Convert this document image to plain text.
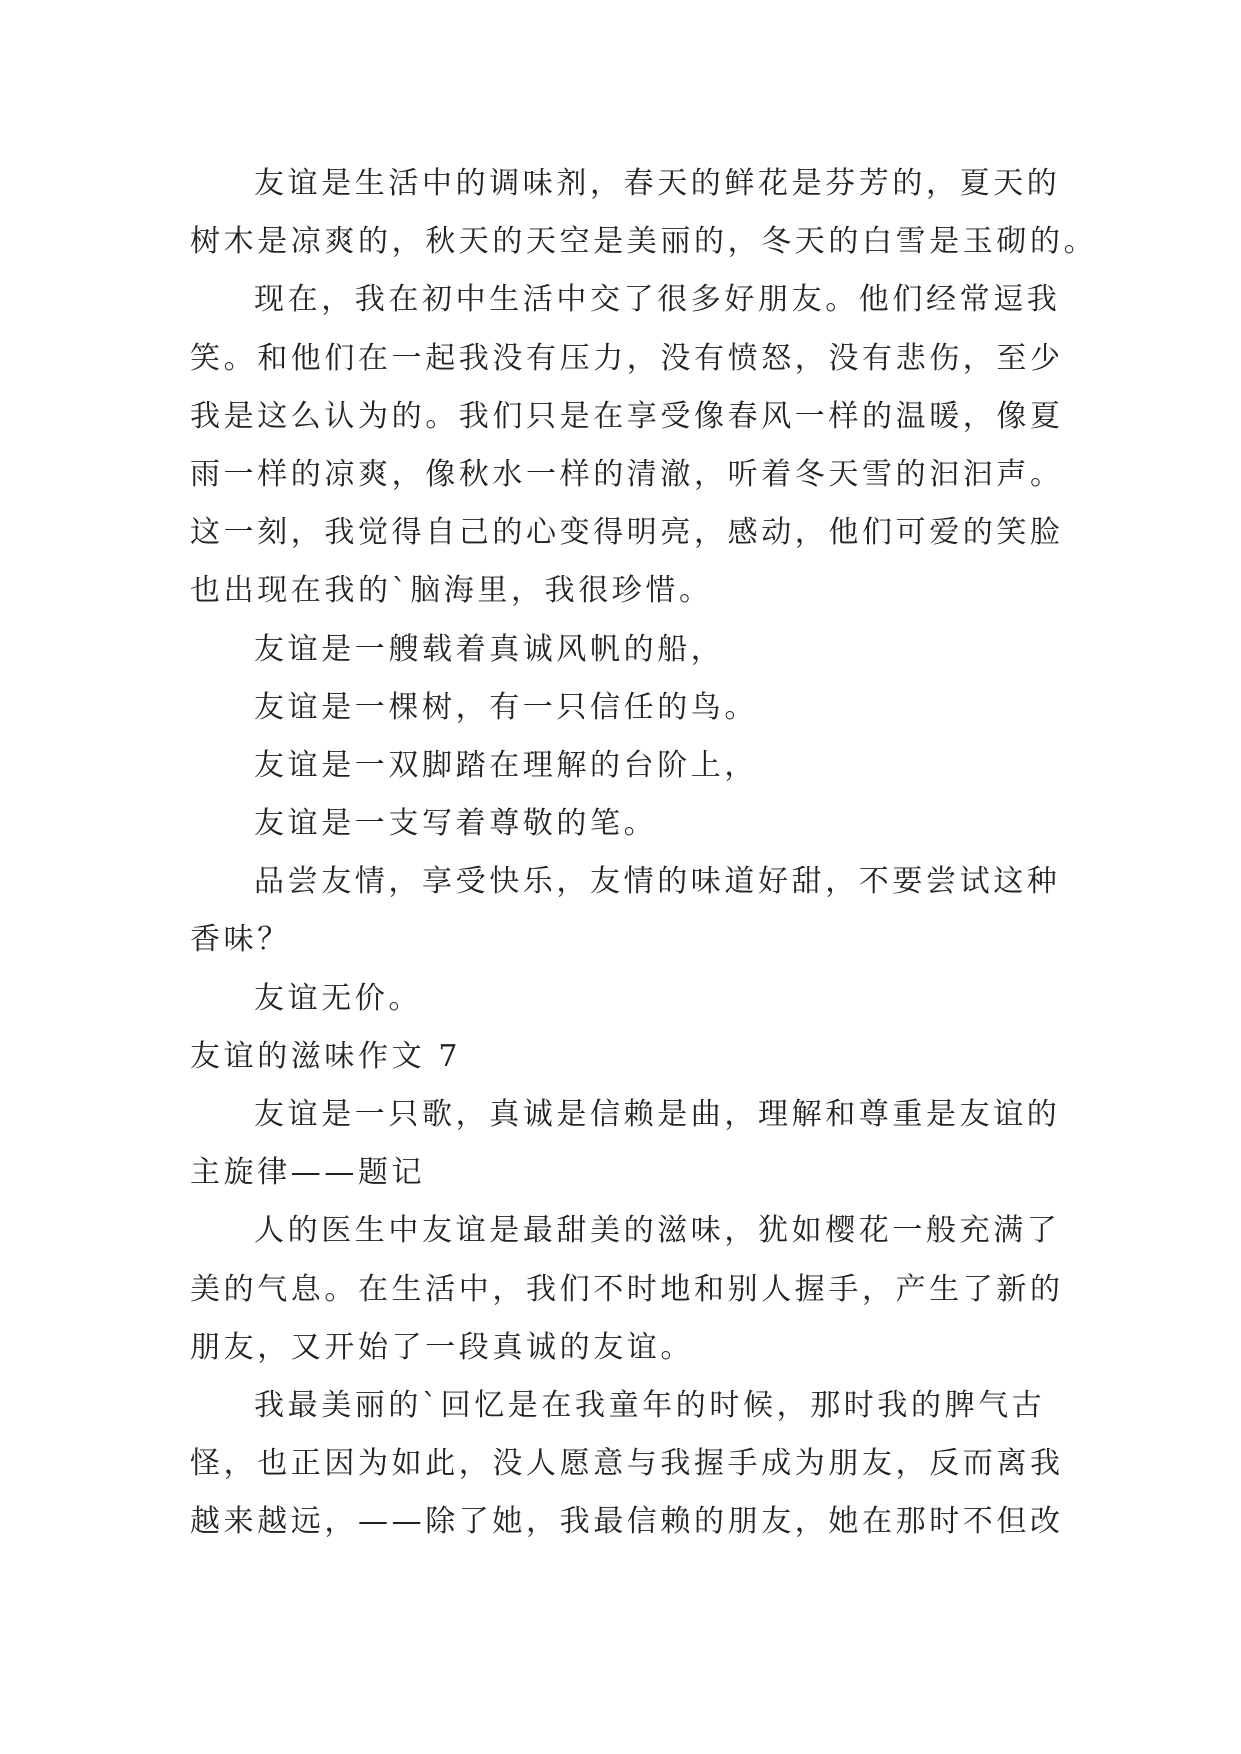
友谊是生活中的调味剂，春天的鲜花是芬芳的，夏天的
树木是凉爽的，秋天的天空是美丽的，冬天的白雪是玉砌的。
现在，我在初中生活中交了很多好朋友。他们经常逗我
笑。和他们在一起我没有压力，没有愤怒，没有悲伤，至少
我是这么认为的。我们只是在享受像春风一样的温暖，像夏
雨一样的凉爽，像秋水一样的清澈，听着冬天雪的汩汩声。
这一刻，我觉得自己的心变得明亮，感动，他们可爱的笑脸
也出现在我的`脑海里，我很珍惜。
友谊是一艘载着真诚风帆的船，
友谊是一棵树，有一只信任的鸟。
友谊是一双脚踏在理解的台阶上，
友谊是一支写着尊敬的笔。
品尝友情，享受快乐，友情的味道好甜，不要尝试这种
香味？
友谊无价。
友谊的滋味作文 7
友谊是一只歌，真诚是信赖是曲，理解和尊重是友谊的
主旋律——题记
人的医生中友谊是最甜美的滋味，犹如樱花一般充满了
美的气息。在生活中，我们不时地和别人握手，产生了新的
朋友，又开始了一段真诚的友谊。
我最美丽的`回忆是在我童年的时候，那时我的脾气古
怪，也正因为如此，没人愿意与我握手成为朋友，反而离我
越来越远，——除了她，我最信赖的朋友，她在那时不但改
